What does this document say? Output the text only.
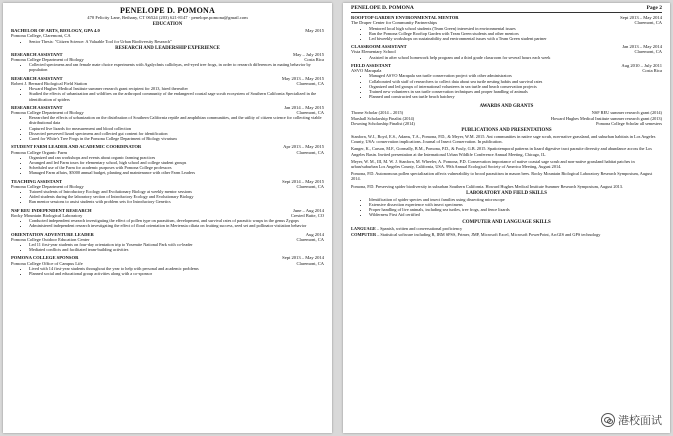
PENELOPE D. POMONA
470 Felicity Lane, Bethany, CT 06524 (203) 621-8147 · penelope.pomona@gmail.com
EDUCATION
BACHELOR OF ARTS, BIOLOGY, GPA 4.0	May 2015
Pomona College, Claremont, CA
• Senior Thesis: "Citizen Science: A Valuable Tool for Urban Biodiversity Research"
RESEARCH AND LEADERSHIP EXPERIENCE
RESEARCH ASSISTANT	May – July 2015
Pomona College Department of Biology	Costa Rica
• Collected specimens and ran female mate choice experiments with Agalychnis callidryas, red-eyed tree frogs, in order to research differences in mating behavior by population
RESEARCH ASSISTANT	May 2013 – May 2015
Robert J. Bernard Biological Field Station	Claremont, CA
• Howard Hughes Medical Institute summer research grant recipient for 2013, hired thereafter
• Studied the effects of urbanization and wildfires on the arthropod community of the endangered coastal sage scrub ecosystem of Southern California Specialized in the identification of spiders
RESEARCH ASSISTANT	Jan 2014 – May 2015
Pomona College Department of Biology	Claremont, CA
• Researched the effects of urbanization on the distribution of Southern California reptile and amphibian communities, and the utility of citizen science for collecting viable distributional data
• Captured live lizards for measurement and blood collection
• Dissected preserved lizard specimens and collected gut content for identification
• Cared for White's Tree Frogs in the Pomona College Department of Biology vivarium
STUDENT FARM LEADER AND ACADEMIC COORDINATOR	Apr 2013 – May 2015
Pomona College Organic Farm	Claremont, CA
• Organized and ran workshops and events about organic farming practices
• Arranged and led Farm tours for elementary school, high school and college student groups
• Scheduled use of the Farm for academic purposes with Pomona College professors
• Managed Farm affairs, $5000 annual budget, planting and maintenance with other Farm Leaders
TEACHING ASSISTANT	Sept 2014 – May 2015
Pomona College Department of Biology	Claremont, CA
• Tutored students of Introductory Ecology and Evolutionary Biology at weekly mentor sessions
• Aided students during the laboratory section of Introductory Ecology and Evolutionary Biology
• Ran mentor sessions to assist students with problem sets for Introductory Genetics
NSF REU INDEPENDENT RESEARCH	June – Aug 2014
Rocky Mountain Biological Laboratory	Crested Butte, CO
• Conducted independent research investigating the effect of pollen type on parasitism, development, and survival rates of parasitic wasps in the genus Zygops
• Administered independent research investigating the effect of floral orientation in Mertensia ciliata on fruiting success, seed set and pollinator visitation behavior
ORIENTATION ADVENTURE LEADER	Aug 2014
Pomona College Outdoor Education Center	Claremont, CA
• Led 11 first-year students on four-day orientation trip to Yosemite National Park with co-leader
• Mediated conflicts and facilitated team-building activities
POMONA COLLEGE SPONSOR	Sept 2013 – May 2014
Pomona College Office of Campus Life	Claremont, CA
• Lived with 14 first-year students throughout the year to help with personal and academic problems
• Planned social and educational group activities along with a co-sponsor
PENELOPE D. POMONA	Page 2
ROOFTOP GARDEN ENVIRONMENTAL MENTOR	Sept 2013 – May 2014
The Draper Center for Community Partnerships	Claremont, CA
• Mentored local high school students (Team Green) interested in environmental issues
• Ran the Pomona College Rooftop Garden with Team Green students and other mentors
• Led biweekly workshops on sustainability and environmental issues with a Team Green student partner
CLASSROOM ASSISTANT	Jan 2013 – May 2014
Vista Elementary School	Claremont, CA
• Assisted in after school homework help program and a third grade classroom for several hours each week
FIELD ASSISTANT	Aug 2010 – July 2011
ASVO Marapala	Costa Rica
• Managed ASVO Marapala sea turtle conservation project with other administrators
• Collaborated with staff of researchers to collect data about sea turtle nesting habits and survival rates
• Organized and led groups of international volunteers in sea turtle and beach conservation projects
• Trained new volunteers in sea turtle conservation techniques and proper handling of animals
• Planned and constructed sea turtle beach hatchery
AWARDS AND GRANTS
Thorne Scholar (2014 – 2015)	NSF REU summer research grant (2014)
Marshall Scholarship Finalist (2014)	Howard Hughes Medical Institute summer research grant (2013)
Downing Scholarship Finalist (2014)	Pomona College Scholar all semesters
PUBLICATIONS AND PRESENTATIONS
Stanforn, W.J., Boyd, E.S., Adams, T.A., Pomona, P.D., & Meyer, W.M. 2015. Ant communities in native sage scrub, non-native grassland, and suburban habitats in Los Angeles County, USA: conservation implications. Journal of Insect Conservation. In publication.
Kanger, K., Carson, M.F., Gormally, B.M., Pomona, P.D., & Fouly, G.B. 2015. Spatiotemporal patterns in lizard digestive tract parasite diversity and abundance across the Los Angeles Basin. Invited presentation at the International Urban Wildlife Conference Annual Meeting, Chicago, IL.
Meyer, W. M., III, M. W. J. Stanforn, M. Wheeler, A. Pomona, P.D. Conservation importance of native coastal sage scrub and non-native grassland habitat patches in urban/suburban Los Angeles County, California, USA. 99th Annual Ecological Society of America Meeting, August 2014.
Pomona, P.D. Autonomous pollen specialization affects vulnerability to brood parasitism in mason bees. Rocky Mountain Biological Laboratory Research Symposium, August 2014.
Pomona, P.D. Preserving spider biodiversity in suburban Southern California. Howard Hughes Medical Institute Summer Research Symposium, August 2013.
LABORATORY AND FIELD SKILLS
• Identification of spider species and insect families using dissecting microscope
• Extensive dissection experience with insect specimens
• Proper handling of live animals, including sea turtles, tree frogs, and fence lizards
• Wilderness First Aid certified
COMPUTER AND LANGUAGE SKILLS
LANGUAGE – Spanish, written and conversational proficiency
COMPUTER – Statistical software including R, IBM SPSS, Primer, JMP, Microsoft Excel, Microsoft PowerPoint, ArcGIS and GPS technology
港校面试
